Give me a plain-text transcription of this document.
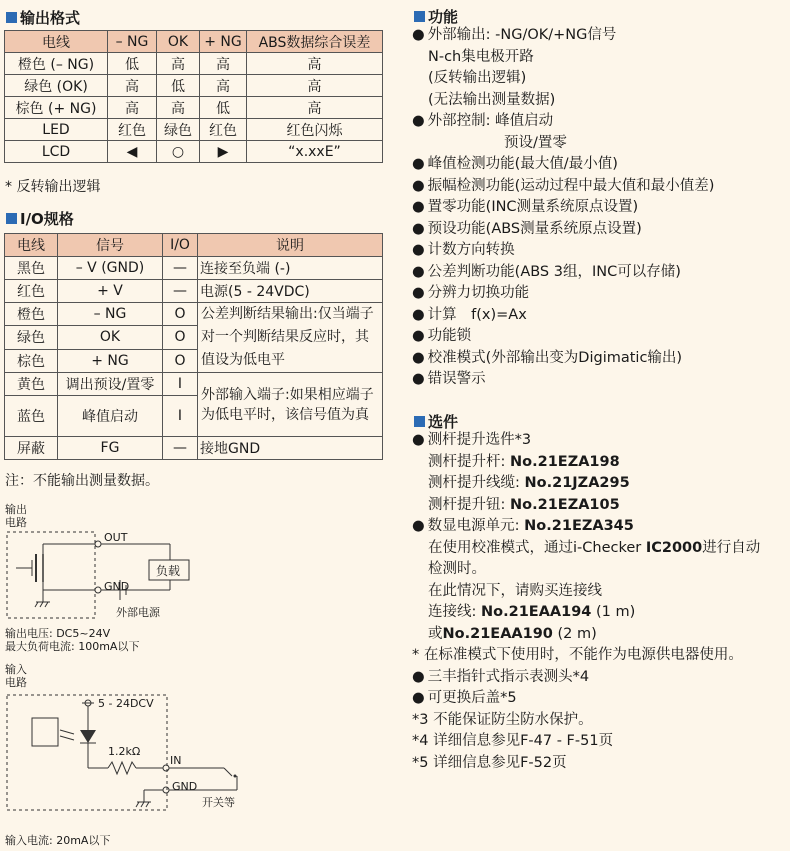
输出格式
电线	– NG	OK	+ NG	ABS数据综合误差
橙色 (– NG)	低	高	高	高
绿色 (OK)	高	低	高	高
棕色 (+ NG)	高	高	低	高
LED	红色	绿色	红色	红色闪烁
LCD	◀	○	▶	“x.xxE”
* 反转输出逻辑
I/O规格
电线	信号	I/O	说明
黑色	– V (GND)	—	连接至负端 (-)
红色	+ V	—	电源(5 - 24VDC)
橙色	– NG	O	公差判断结果输出:仅当端子对一个判断结果反应时，其值设为低电平
绿色	OK	O	
棕色	+ NG	O	
黄色	调出预设/置零	I	外部输入端子:如果相应端子为低电平时，该信号值为真
蓝色	峰值启动	I	
屏蔽	FG	—	接地GND
注：不能输出测量数据。
输出电路
OUT
GND
负载
外部电源
输出电压: DC5~24V
最大负荷电流: 100mA以下
输入电路
5 - 24DCV
1.2kΩ
IN
GND
开关等
输入电流: 20mA以下
功能
● 外部输出: -NG/OK/+NG信号
N-ch集电极开路
(反转输出逻辑)
(无法输出测量数据)
● 外部控制: 峰值启动
预设/置零
● 峰值检测功能(最大值/最小值)
● 振幅检测功能(运动过程中最大值和最小值差)
● 置零功能(INC测量系统原点设置)
● 预设功能(ABS测量系统原点设置)
● 计数方向转换
● 公差判断功能(ABS 3组，INC可以存储)
● 分辨力切换功能
● 计算　f(x)=Ax
● 功能锁
● 校准模式(外部输出变为Digimatic输出)
● 错误警示
选件
● 测杆提升选件*3
测杆提升杆: No.21EZA198
测杆提升线缆: No.21JZA295
测杆提升钮: No.21EZA105
● 数显电源单元: No.21EZA345
在使用校准模式，通过i-Checker IC2000进行自动
检测时。
在此情况下，请购买连接线
连接线: No.21EAA194 (1 m)
或No.21EAA190 (2 m)
* 在标准模式下使用时，不能作为电源供电器使用。
● 三丰指针式指示表测头*4
● 可更换后盖*5
*3 不能保证防尘防水保护。
*4 详细信息参见F-47 - F-51页
*5 详细信息参见F-52页
